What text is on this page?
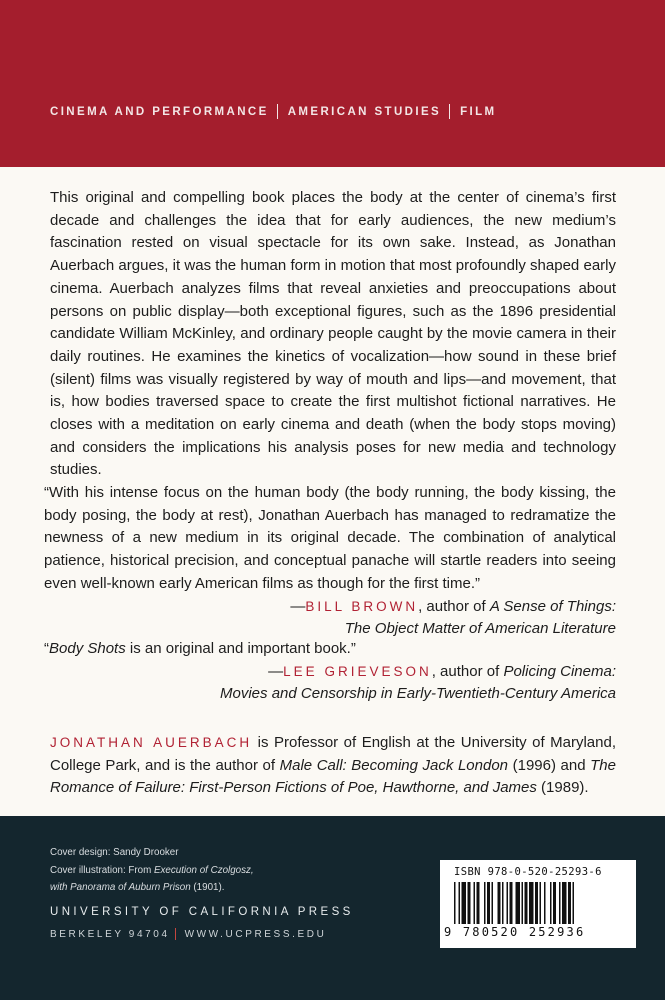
CINEMA AND PERFORMANCE AMERICAN STUDIES FILM

This original and compelling book places the body at the center of cinema’s first decade and challenges the idea that for early audiences, the new medium’s fascination rested on visual spectacle for its own sake. Instead, as Jonathan Auerbach argues, it was the human form in motion that most profoundly shaped early cinema. Auerbach analyzes films that reveal anxieties and preoccupations about persons on public display—both exceptional figures, such as the 1896 presidential candidate William McKinley, and ordinary people caught by the movie camera in their daily routines. He examines the kinetics of vocalization—how sound in these brief (silent) films was visually registered by way of mouth and lips—and movement, that is, how bodies traversed space to create the first multishot fictional narratives. He closes with a meditation on early cinema and death (when the body stops moving) and considers the implications his analysis poses for new media and technology studies.

“With his intense focus on the human body (the body running, the body kissing, the body posing, the body at rest), Jonathan Auerbach has managed to redramatize the newness of a new medium in its original decade. The combination of analytical patience, historical precision, and conceptual panache will startle readers into seeing even well-known early American films as though for the first time.”

—BILL BROWN, author of A Sense of Things:
The Object Matter of American Literature

“Body Shots is an original and important book.”

—LEE GRIEVESON, author of Policing Cinema:
Movies and Censorship in Early-Twentieth-Century America
JONATHAN AUERBACH is Professor of English at the University of Maryland, College Park, and is the author of Male Call: Becoming Jack London (1996) and The Romance of Failure: First-Person Fictions of Poe, Hawthorne, and James (1989).
Cover design: Sandy Drooker
Cover illustration: From Execution of Czolgosz,
with Panorama of Auburn Prison (1901).
UNIVERSITY OF CALIFORNIA PRESS
BERKELEY 94704 WWW.UCPRESS.EDU
ISBN 978-0-520-25293-6
9 780520 252936
